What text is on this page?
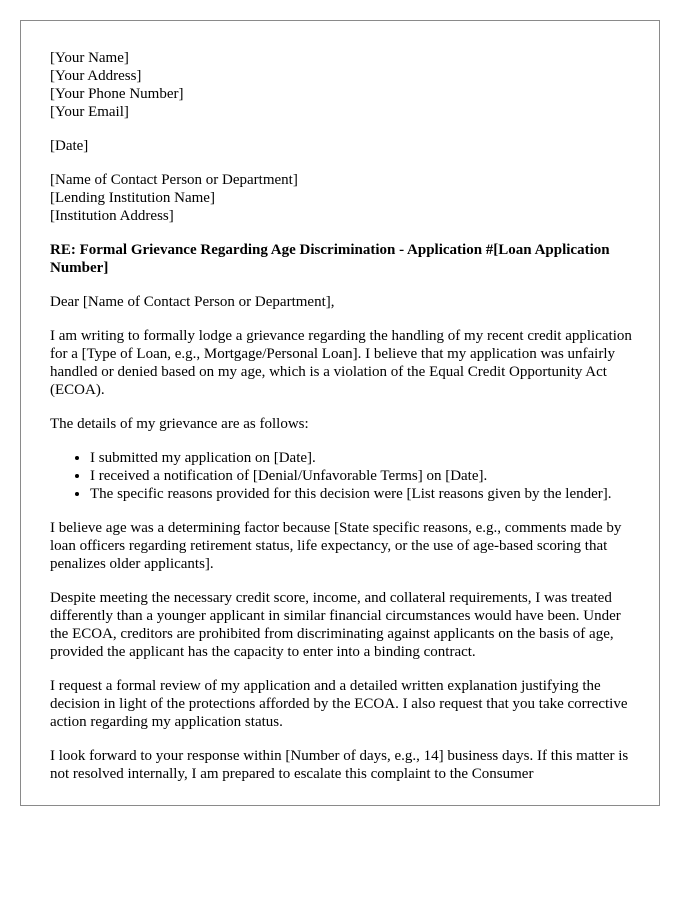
[Your Name]
[Your Address]
[Your Phone Number]
[Your Email]

[Date]

[Name of Contact Person or Department]
[Lending Institution Name]
[Institution Address]

RE: Formal Grievance Regarding Age Discrimination - Application #[Loan Application Number]

Dear [Name of Contact Person or Department],

I am writing to formally lodge a grievance regarding the handling of my recent credit application for a [Type of Loan, e.g., Mortgage/Personal Loan]. I believe that my application was unfairly handled or denied based on my age, which is a violation of the Equal Credit Opportunity Act (ECOA).

The details of my grievance are as follows:

• I submitted my application on [Date].
• I received a notification of [Denial/Unfavorable Terms] on [Date].
• The specific reasons provided for this decision were [List reasons given by the lender].

I believe age was a determining factor because [State specific reasons, e.g., comments made by loan officers regarding retirement status, life expectancy, or the use of age-based scoring that penalizes older applicants].

Despite meeting the necessary credit score, income, and collateral requirements, I was treated differently than a younger applicant in similar financial circumstances would have been. Under the ECOA, creditors are prohibited from discriminating against applicants on the basis of age, provided the applicant has the capacity to enter into a binding contract.

I request a formal review of my application and a detailed written explanation justifying the decision in light of the protections afforded by the ECOA. I also request that you take corrective action regarding my application status.

I look forward to your response within [Number of days, e.g., 14] business days. If this matter is not resolved internally, I am prepared to escalate this complaint to the Consumer
